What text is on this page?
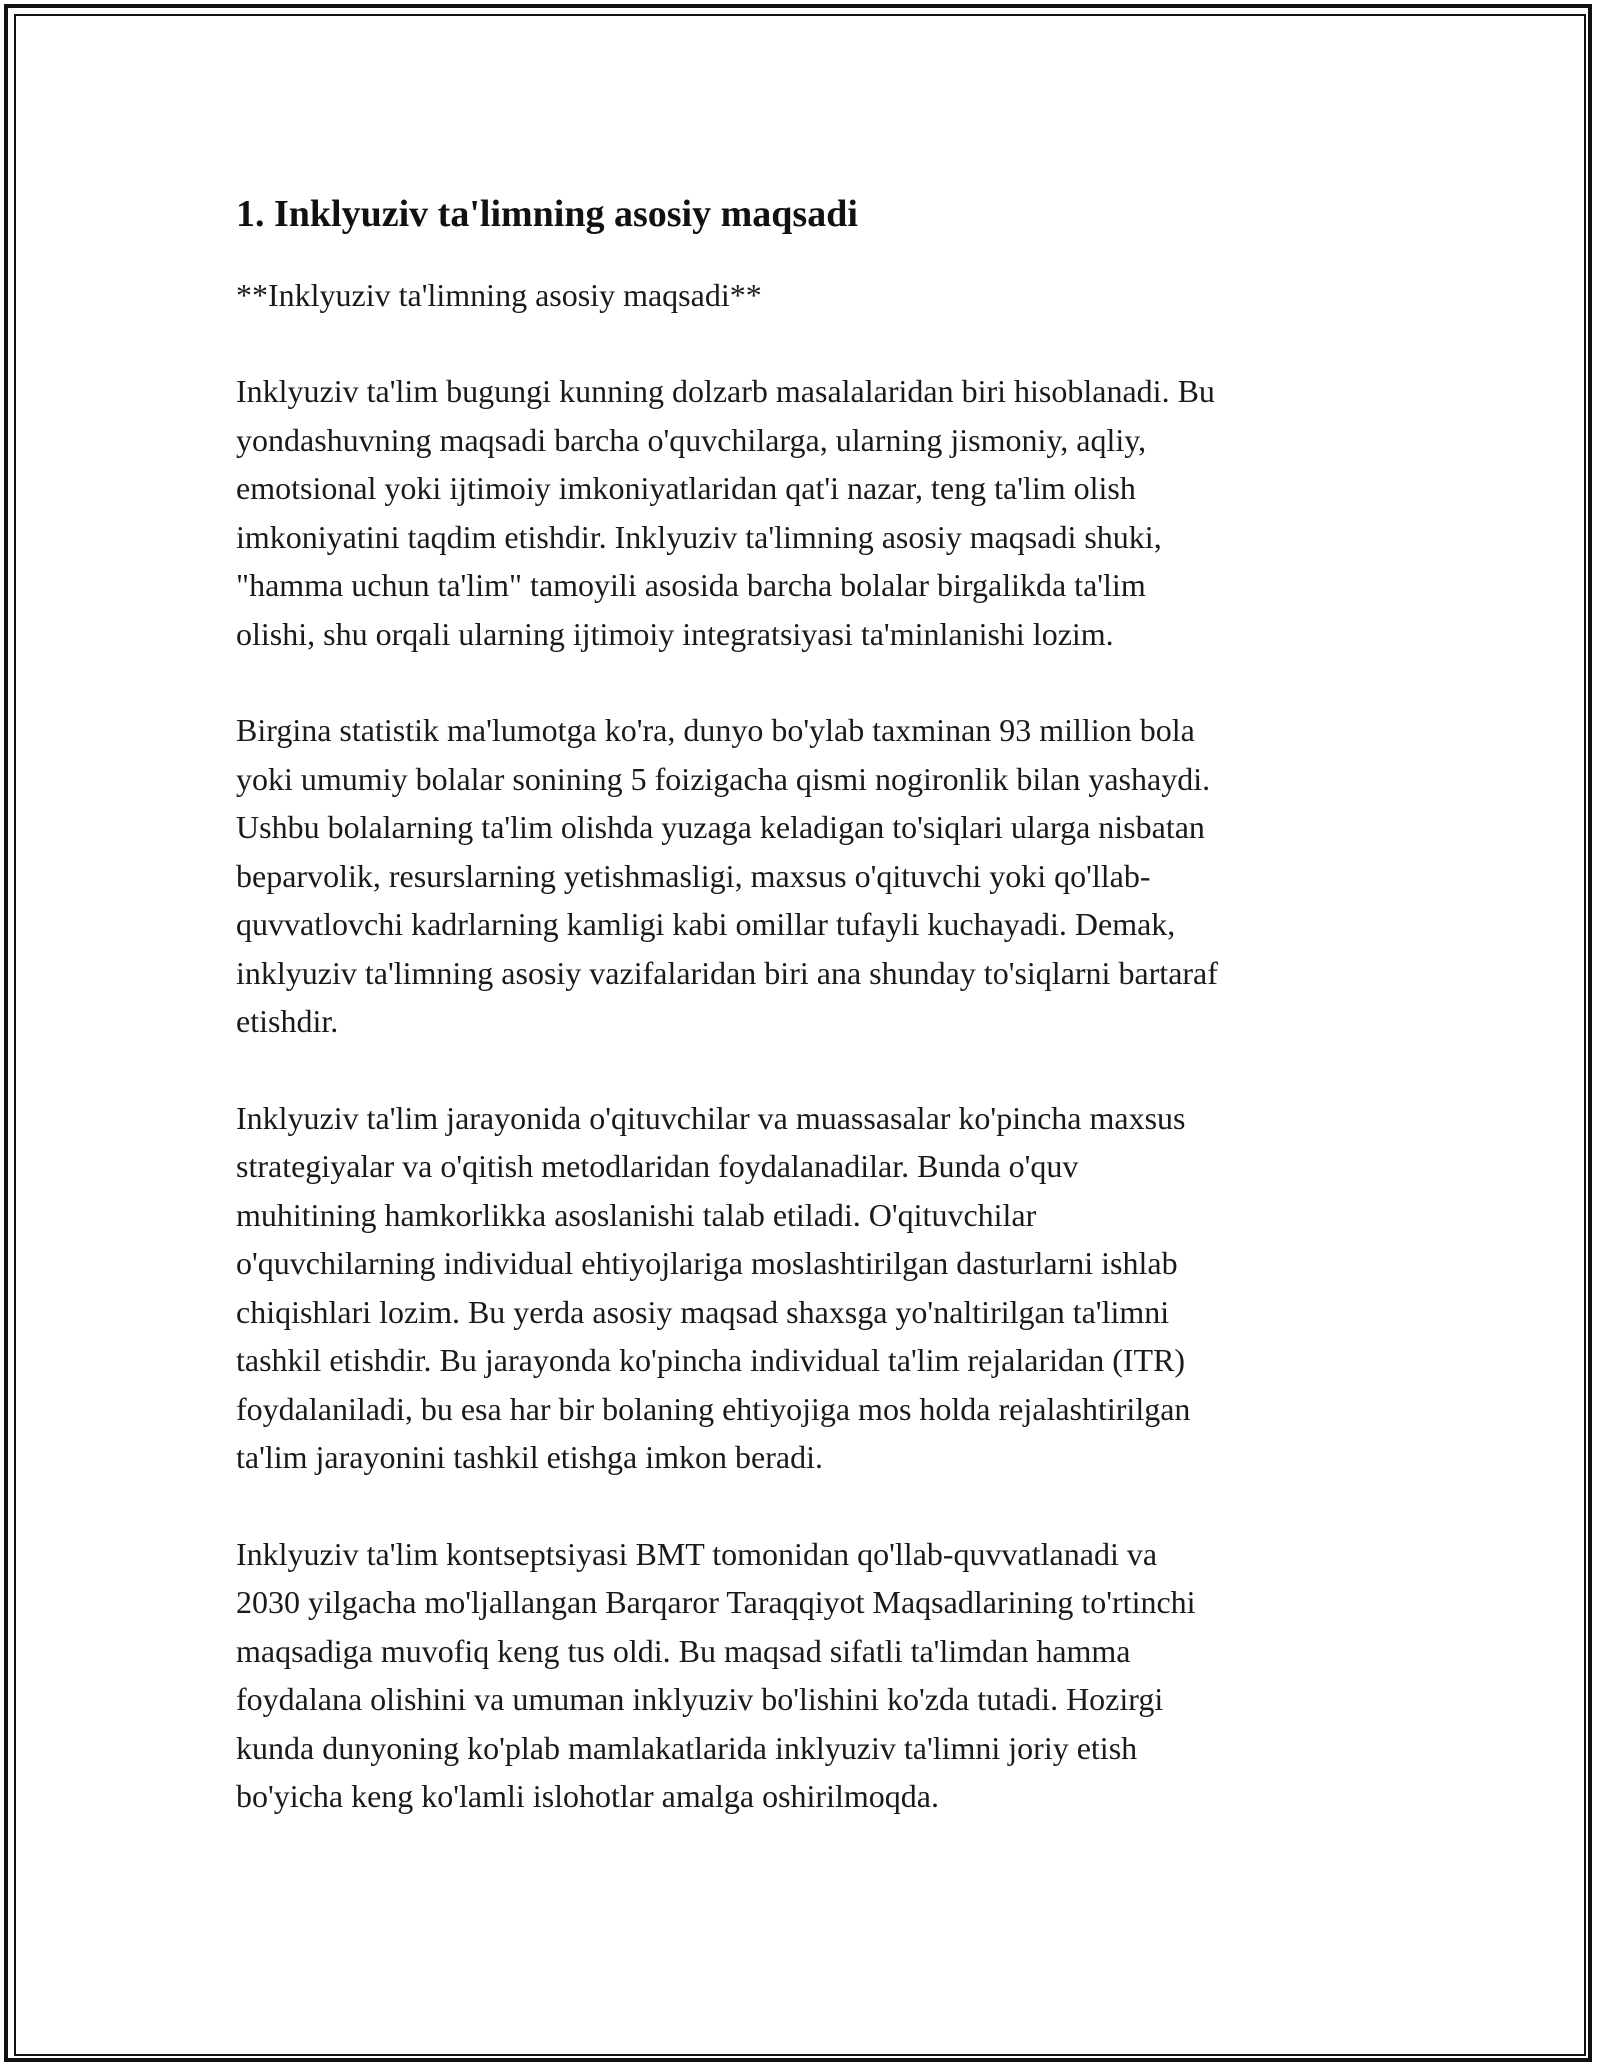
1. Inklyuziv ta'limning asosiy maqsadi

**Inklyuziv ta'limning asosiy maqsadi**

Inklyuziv ta'lim bugungi kunning dolzarb masalalaridan biri hisoblanadi. Bu
yondashuvning maqsadi barcha o'quvchilarga, ularning jismoniy, aqliy,
emotsional yoki ijtimoiy imkoniyatlaridan qat'i nazar, teng ta'lim olish
imkoniyatini taqdim etishdir. Inklyuziv ta'limning asosiy maqsadi shuki,
"hamma uchun ta'lim" tamoyili asosida barcha bolalar birgalikda ta'lim
olishi, shu orqali ularning ijtimoiy integratsiyasi ta'minlanishi lozim.

Birgina statistik ma'lumotga ko'ra, dunyo bo'ylab taxminan 93 million bola
yoki umumiy bolalar sonining 5 foizigacha qismi nogironlik bilan yashaydi.
Ushbu bolalarning ta'lim olishda yuzaga keladigan to'siqlari ularga nisbatan
beparvolik, resurslarning yetishmasligi, maxsus o'qituvchi yoki qo'llab-
quvvatlovchi kadrlarning kamligi kabi omillar tufayli kuchayadi. Demak,
inklyuziv ta'limning asosiy vazifalaridan biri ana shunday to'siqlarni bartaraf
etishdir.

Inklyuziv ta'lim jarayonida o'qituvchilar va muassasalar ko'pincha maxsus
strategiyalar va o'qitish metodlaridan foydalanadilar. Bunda o'quv
muhitining hamkorlikka asoslanishi talab etiladi. O'qituvchilar
o'quvchilarning individual ehtiyojlariga moslashtirilgan dasturlarni ishlab
chiqishlari lozim. Bu yerda asosiy maqsad shaxsga yo'naltirilgan ta'limni
tashkil etishdir. Bu jarayonda ko'pincha individual ta'lim rejalaridan (ITR)
foydalaniladi, bu esa har bir bolaning ehtiyojiga mos holda rejalashtirilgan
ta'lim jarayonini tashkil etishga imkon beradi.

Inklyuziv ta'lim kontseptsiyasi BMT tomonidan qo'llab-quvvatlanadi va
2030 yilgacha mo'ljallangan Barqaror Taraqqiyot Maqsadlarining to'rtinchi
maqsadiga muvofiq keng tus oldi. Bu maqsad sifatli ta'limdan hamma
foydalana olishini va umuman inklyuziv bo'lishini ko'zda tutadi. Hozirgi
kunda dunyoning ko'plab mamlakatlarida inklyuziv ta'limni joriy etish
bo'yicha keng ko'lamli islohotlar amalga oshirilmoqda.
